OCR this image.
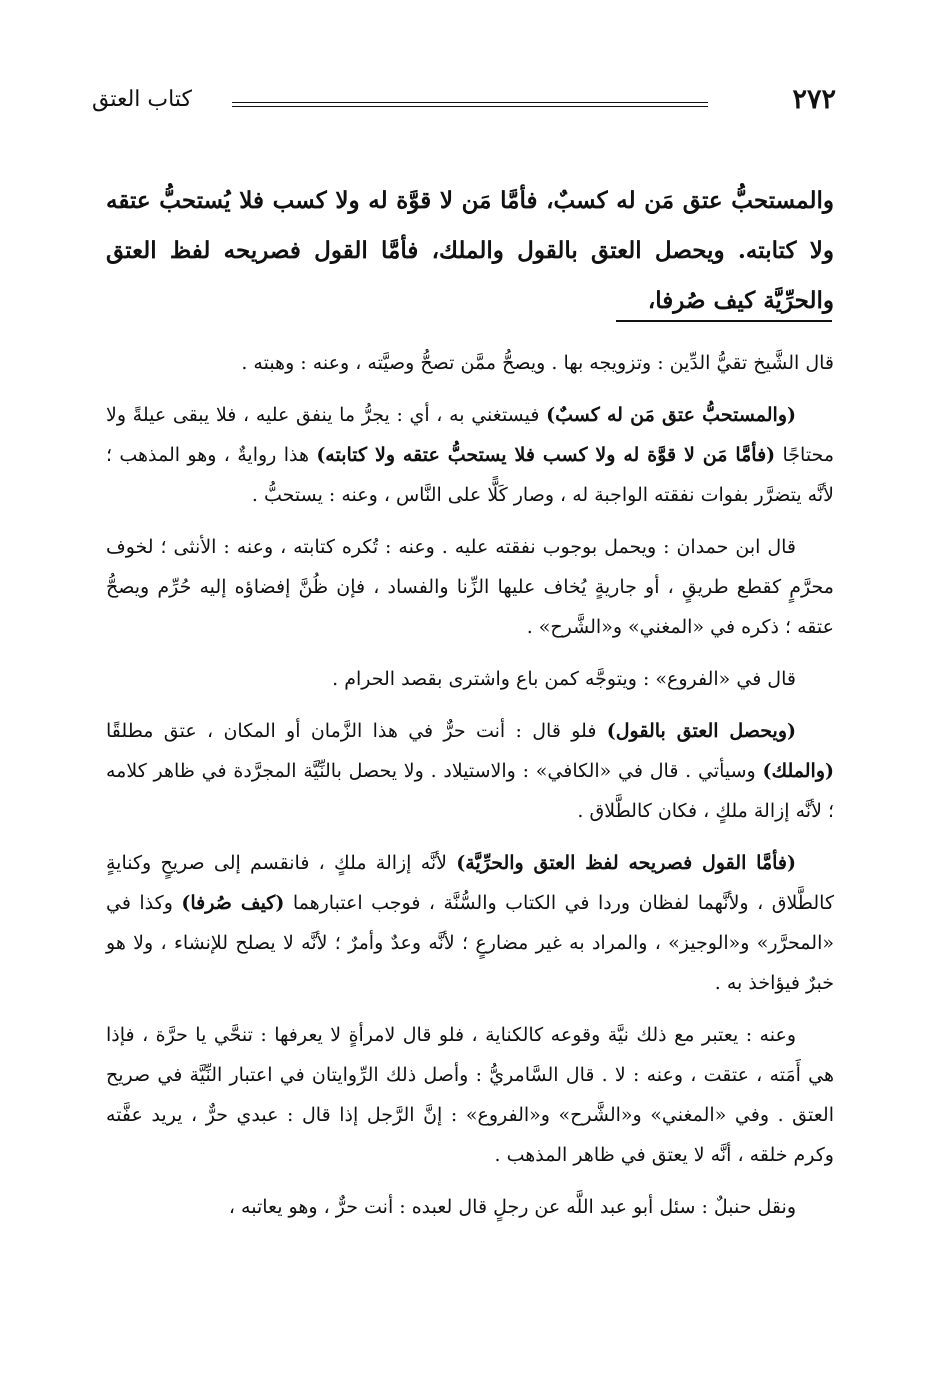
٢٧٢
كتاب العتق
والمستحبُّ عتق مَن له كسبٌ، فأمَّا مَن لا قوَّة له ولا كسب فلا يُستحبُّ عتقه ولا كتابته. ويحصل العتق بالقول والملك، فأمَّا القول فصريحه لفظ العتق والحرِّيَّة كيف صُرفا،

قال الشَّيخ تقيُّ الدِّين : وتزويجه بها . ويصحُّ ممَّن تصحُّ وصيَّته ، وعنه : وهبته .

(والمستحبُّ عتق مَن له كسبٌ) فيستغني به ، أي : يجرُّ ما ينفق عليه ، فلا يبقى عيلةً ولا محتاجًا (فأمَّا مَن لا قوَّة له ولا كسب فلا يستحبُّ عتقه ولا كتابته) هذا روايةٌ ، وهو المذهب ؛ لأنَّه يتضرَّر بفوات نفقته الواجبة له ، وصار كَلًّا على النَّاس ، وعنه : يستحبُّ .

قال ابن حمدان : ويحمل بوجوب نفقته عليه . وعنه : تُكره كتابته ، وعنه : الأنثى ؛ لخوف محرَّمٍ كقطع طريقٍ ، أو جاريةٍ يُخاف عليها الزِّنا والفساد ، فإن ظُنَّ إفضاؤه إليه حُرِّم ويصحُّ عتقه ؛ ذكره في «المغني» و«الشَّرح» .

قال في «الفروع» : ويتوجَّه كمن باع واشترى بقصد الحرام .

(ويحصل العتق بالقول) فلو قال : أنت حرٌّ في هذا الزَّمان أو المكان ، عتق مطلقًا (والملك) وسيأتي . قال في «الكافي» : والاستيلاد . ولا يحصل بالنِّيَّة المجرَّدة في ظاهر كلامه ؛ لأنَّه إزالة ملكٍ ، فكان كالطَّلاق .

(فأمَّا القول فصريحه لفظ العتق والحرِّيَّة) لأنَّه إزالة ملكٍ ، فانقسم إلى صريحٍ وكنايةٍ كالطَّلاق ، ولأنَّهما لفظان وردا في الكتاب والسُّنَّة ، فوجب اعتبارهما (كيف صُرفا) وكذا في «المحرَّر» و«الوجيز» ، والمراد به غير مضارعٍ ؛ لأنَّه وعدٌ وأمرٌ ؛ لأنَّه لا يصلح للإنشاء ، ولا هو خبرٌ فيؤاخذ به .

وعنه : يعتبر مع ذلك نيَّة وقوعه كالكناية ، فلو قال لامرأةٍ لا يعرفها : تنحَّي يا حرَّة ، فإذا هي أَمَته ، عتقت ، وعنه : لا . قال السَّامريُّ : وأصل ذلك الرِّوايتان في اعتبار النِّيَّة في صريح العتق . وفي «المغني» و«الشَّرح» و«الفروع» : إنَّ الرَّجل إذا قال : عبدي حرٌّ ، يريد عفَّته وكرم خلقه ، أنَّه لا يعتق في ظاهر المذهب .

ونقل حنبلٌ : سئل أبو عبد اللَّه عن رجلٍ قال لعبده : أنت حرٌّ ، وهو يعاتبه ،
